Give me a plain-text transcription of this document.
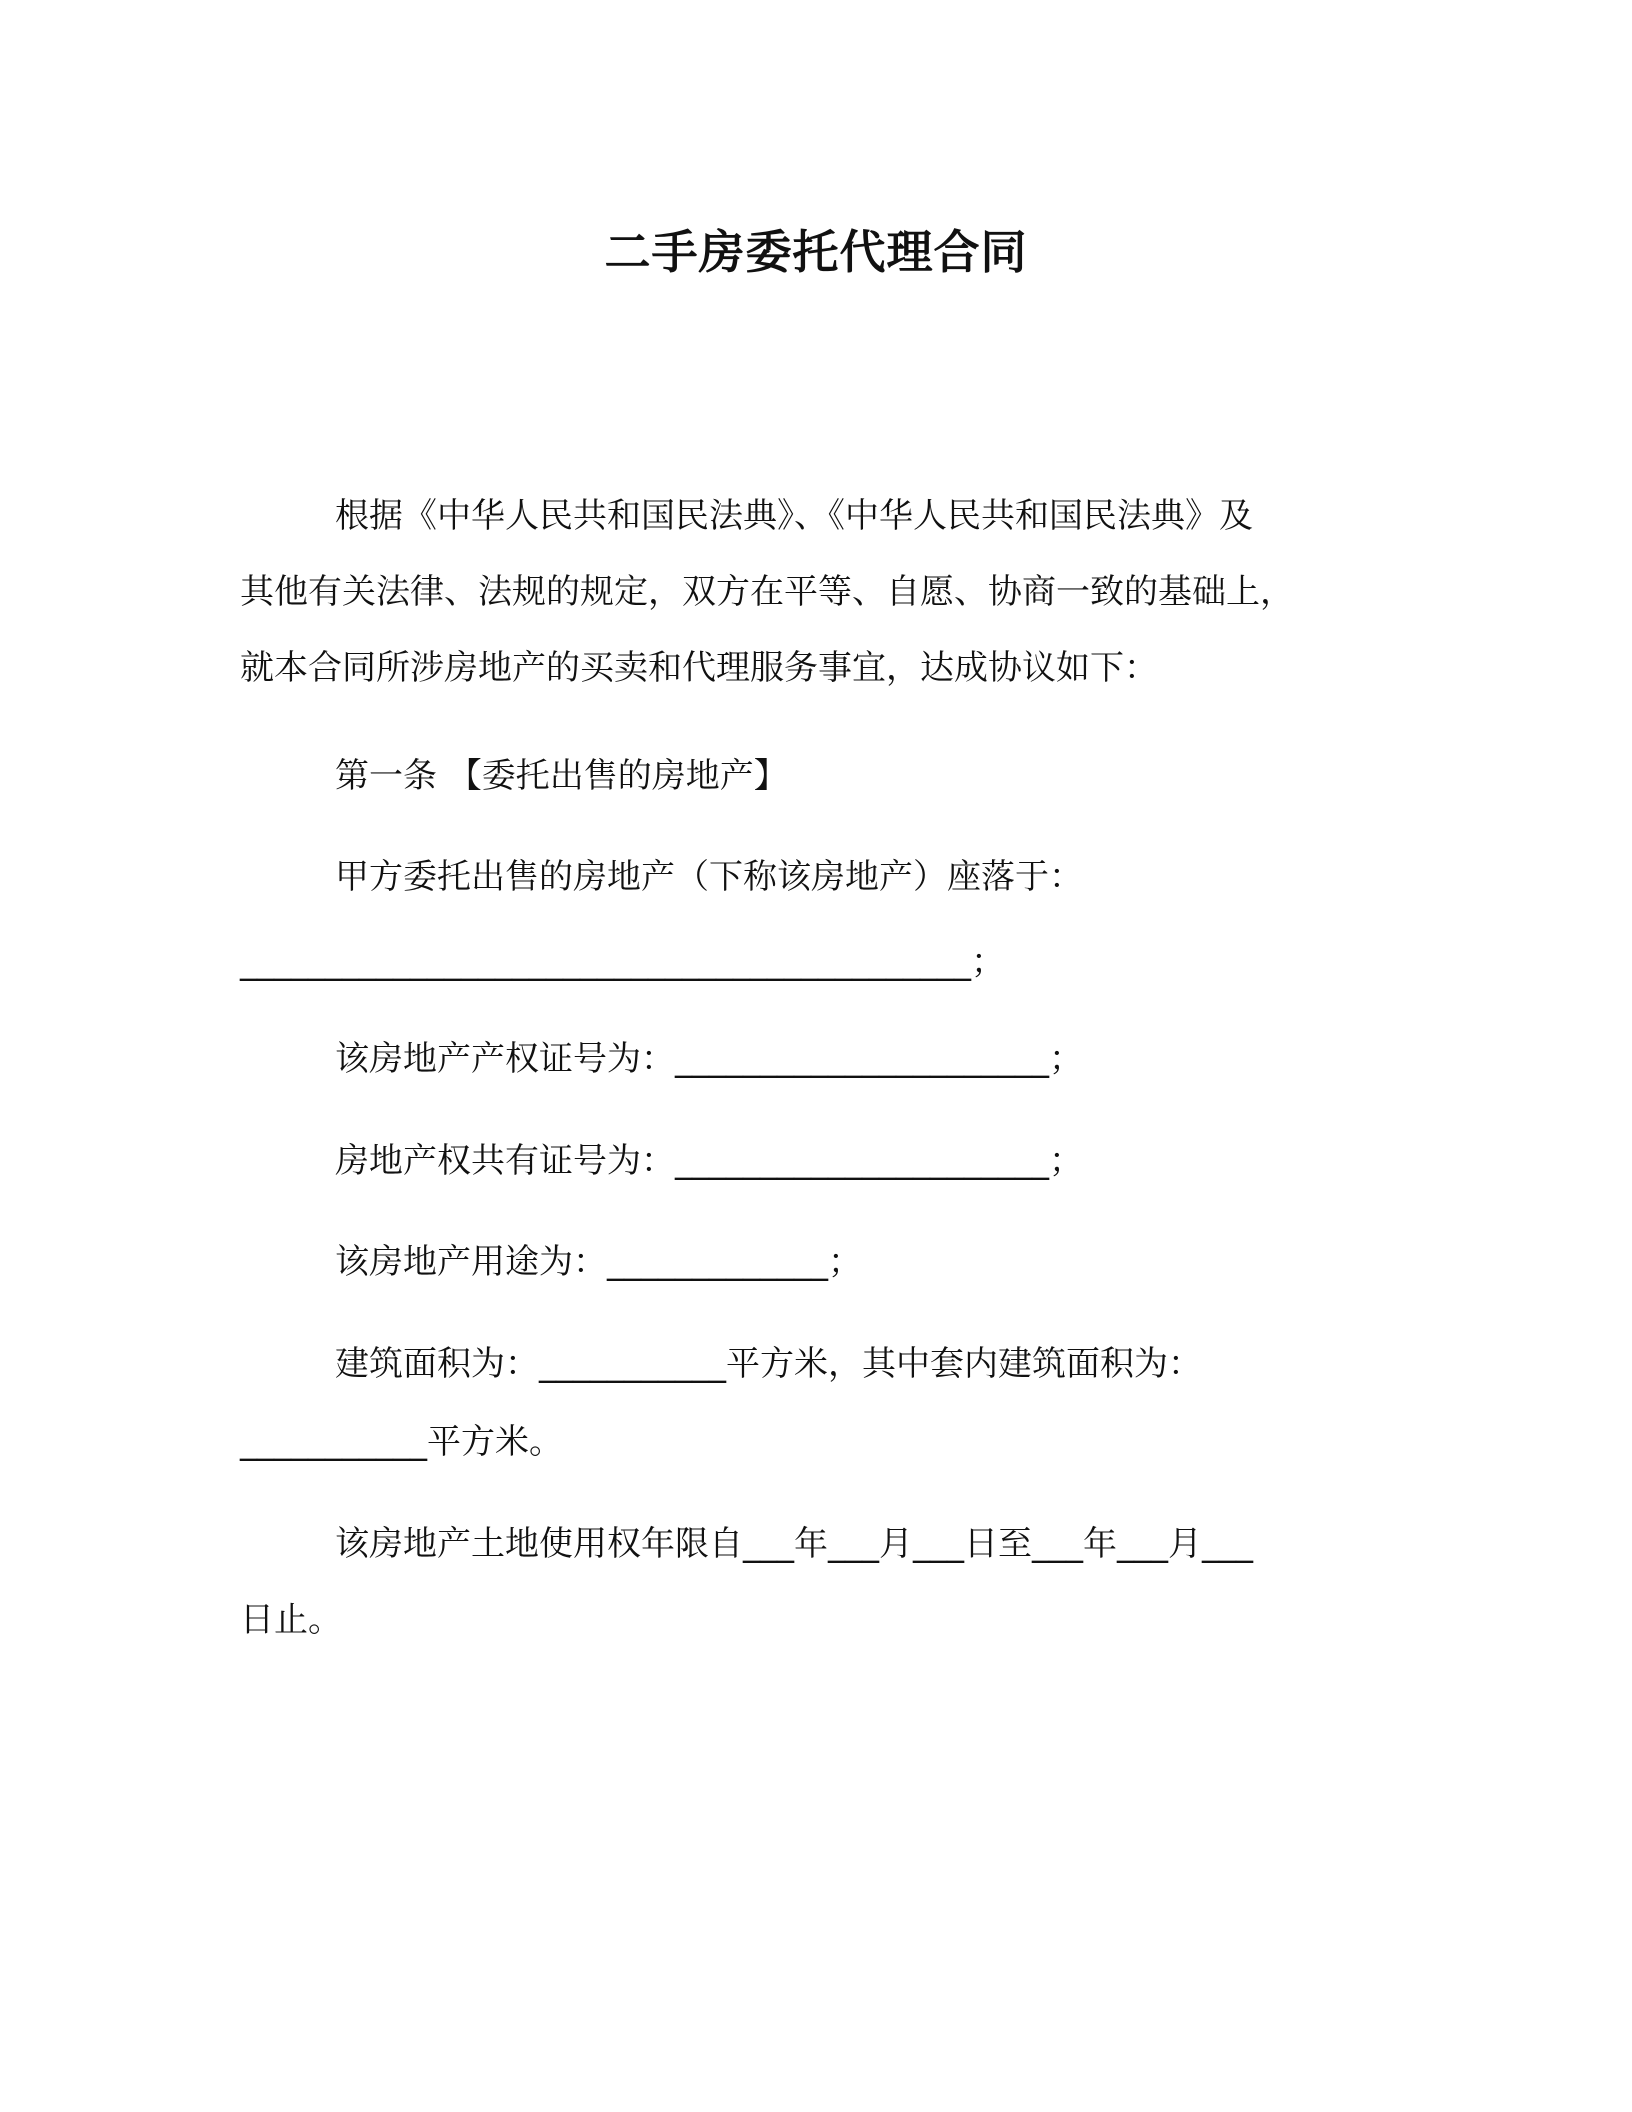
二手房委托代理合同
根据《中华人民共和国民法典》、《中华人民共和国民法典》及
其他有关法律、法规的规定，双方在平等、自愿、协商一致的基础上，
就本合同所涉房地产的买卖和代理服务事宜，达成协议如下：
第一条 【委托出售的房地产】
甲方委托出售的房地产（下称该房地产）座落于：
___________________________________________；
该房地产产权证号为：______________________；
房地产权共有证号为：______________________；
该房地产用途为：_____________；
建筑面积为：___________平方米，其中套内建筑面积为：
___________平方米。
该房地产土地使用权年限自___年___月___日至___年___月___
日止。
